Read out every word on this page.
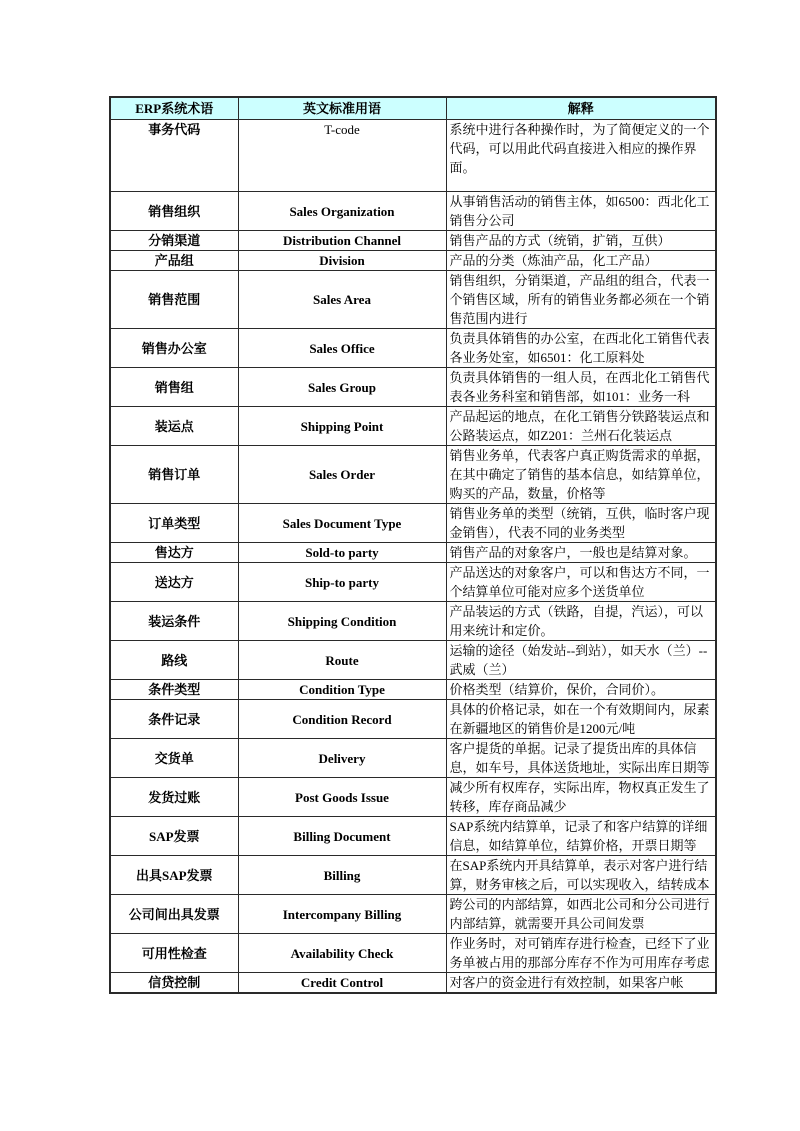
ERP系统术语	英文标准用语	解释
事务代码	T-code	系统中进行各种操作时，为了简便定义的一个代码，可以用此代码直接进入相应的操作界面。
销售组织	Sales Organization	从事销售活动的销售主体，如6500：西北化工销售分公司
分销渠道	Distribution Channel	销售产品的方式（统销，扩销，互供）
产品组	Division	产品的分类（炼油产品，化工产品）
销售范围	Sales Area	销售组织，分销渠道，产品组的组合，代表一个销售区域，所有的销售业务都必须在一个销售范围内进行
销售办公室	Sales Office	负责具体销售的办公室，在西北化工销售代表各业务处室，如6501：化工原料处
销售组	Sales Group	负责具体销售的一组人员，在西北化工销售代表各业务科室和销售部，如101：业务一科
装运点	Shipping Point	产品起运的地点，在化工销售分铁路装运点和公路装运点，如Z201：兰州石化装运点
销售订单	Sales Order	销售业务单，代表客户真正购货需求的单据，在其中确定了销售的基本信息，如结算单位，购买的产品，数量，价格等
订单类型	Sales Document Type	销售业务单的类型（统销，互供，临时客户现金销售），代表不同的业务类型
售达方	Sold-to party	销售产品的对象客户，一般也是结算对象。
送达方	Ship-to party	产品送达的对象客户，可以和售达方不同，一个结算单位可能对应多个送货单位
装运条件	Shipping Condition	产品装运的方式（铁路，自提，汽运），可以用来统计和定价。
路线	Route	运输的途径（始发站--到站），如天水（兰）--武威（兰）
条件类型	Condition Type	价格类型（结算价，保价，合同价）。
条件记录	Condition Record	具体的价格记录，如在一个有效期间内，尿素在新疆地区的销售价是1200元/吨
交货单	Delivery	客户提货的单据。记录了提货出库的具体信息，如车号，具体送货地址，实际出库日期等
发货过账	Post Goods Issue	减少所有权库存，实际出库，物权真正发生了转移，库存商品减少
SAP发票	Billing Document	SAP系统内结算单，记录了和客户结算的详细信息，如结算单位，结算价格，开票日期等
出具SAP发票	Billing	在SAP系统内开具结算单，表示对客户进行结算，财务审核之后，可以实现收入，结转成本
公司间出具发票	Intercompany Billing	跨公司的内部结算，如西北公司和分公司进行内部结算，就需要开具公司间发票
可用性检查	Availability Check	作业务时，对可销库存进行检查，已经下了业务单被占用的那部分库存不作为可用库存考虑
信贷控制	Credit Control	对客户的资金进行有效控制，如果客户帐
